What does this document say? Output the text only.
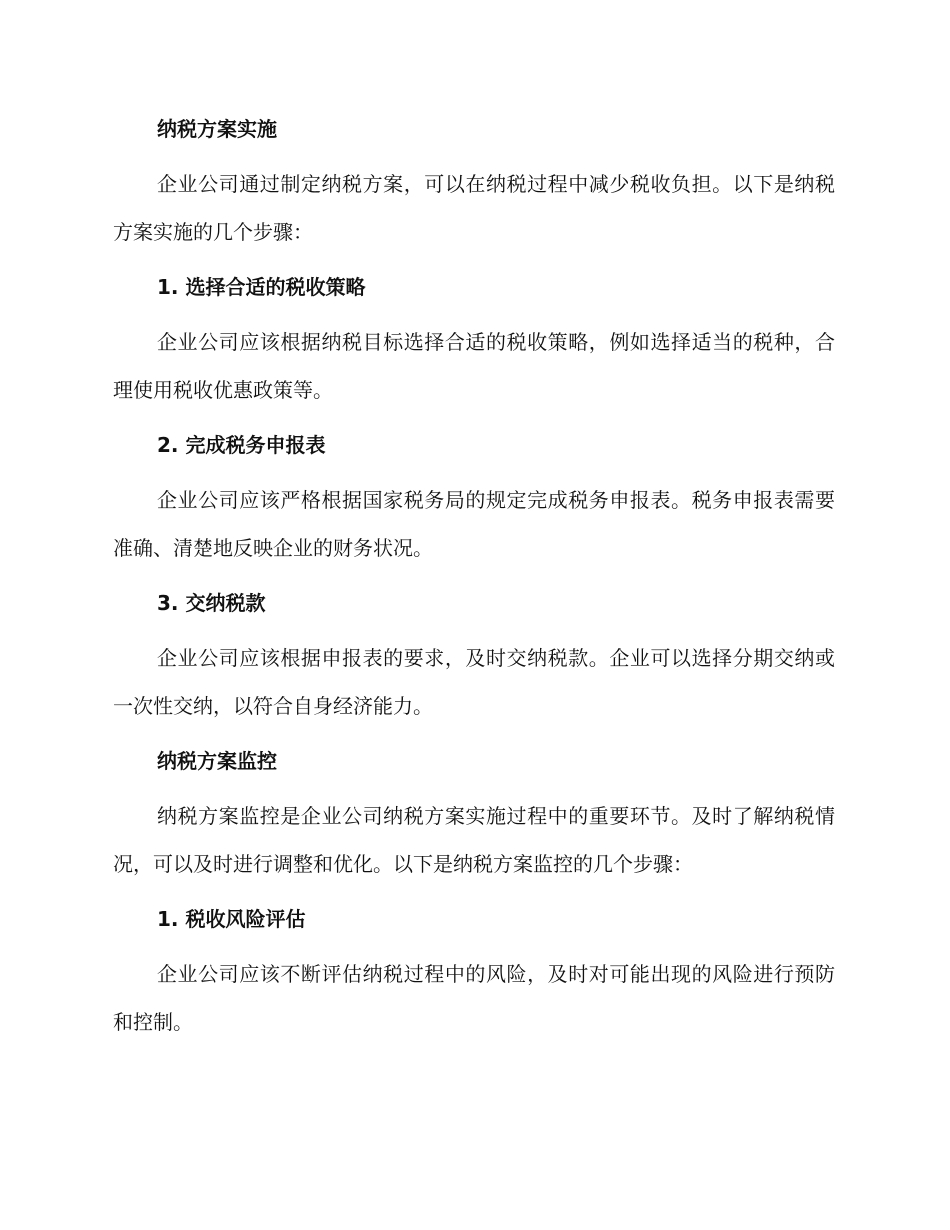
纳税方案实施

企业公司通过制定纳税方案，可以在纳税过程中减少税收负担。以下是纳税方案实施的几个步骤：

1. 选择合适的税收策略

企业公司应该根据纳税目标选择合适的税收策略，例如选择适当的税种，合理使用税收优惠政策等。

2. 完成税务申报表

企业公司应该严格根据国家税务局的规定完成税务申报表。税务申报表需要准确、清楚地反映企业的财务状况。

3. 交纳税款

企业公司应该根据申报表的要求，及时交纳税款。企业可以选择分期交纳或一次性交纳，以符合自身经济能力。

纳税方案监控

纳税方案监控是企业公司纳税方案实施过程中的重要环节。及时了解纳税情况，可以及时进行调整和优化。以下是纳税方案监控的几个步骤：

1. 税收风险评估

企业公司应该不断评估纳税过程中的风险，及时对可能出现的风险进行预防和控制。
